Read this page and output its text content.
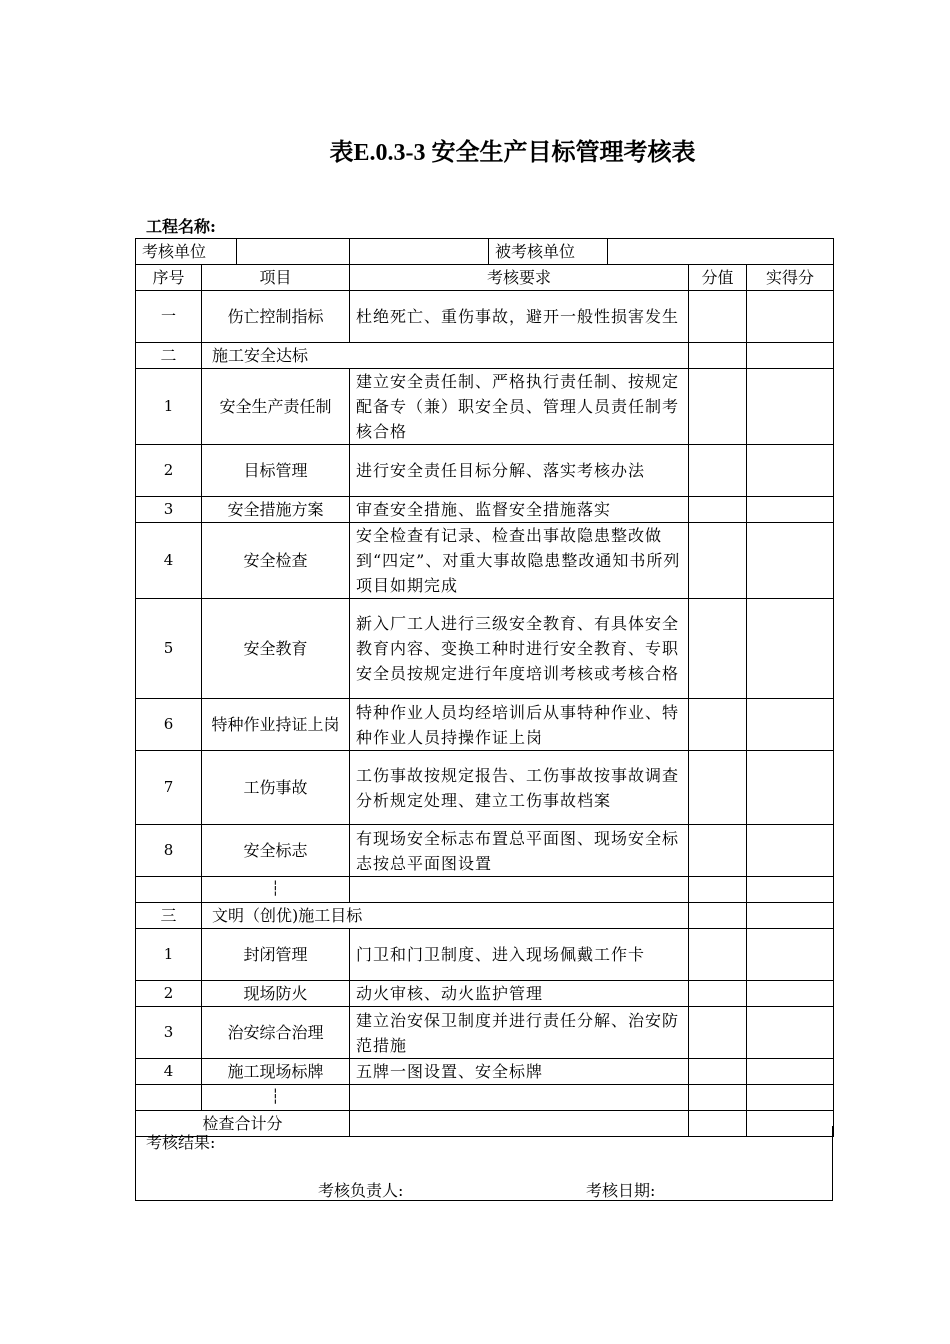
表E.0.3-3 安全生产目标管理考核表
工程名称:
考核单位		被考核单位		

序号	项目	考核要求	分值	实得分
一	伤亡控制指标	杜绝死亡、重伤事故，避开一般性损害发生		
二	施工安全达标			
1	安全生产责任制	建立安全责任制、严格执行责任制、按规定配备专（兼）职安全员、管理人员责任制考核合格		
2	目标管理	进行安全责任目标分解、落实考核办法		
3	安全措施方案	审查安全措施、监督安全措施落实		
4	安全检查	安全检查有记录、检查出事故隐患整改做到“四定”、对重大事故隐患整改通知书所列项目如期完成		
5	安全教育	新入厂工人进行三级安全教育、有具体安全教育内容、变换工种时进行安全教育、专职安全员按规定进行年度培训考核或考核合格		
6	特种作业持证上岗	特种作业人员均经培训后从事特种作业、特种作业人员持操作证上岗		
7	工伤事故	工伤事故按规定报告、工伤事故按事故调查分析规定处理、建立工伤事故档案		
8	安全标志	有现场安全标志布置总平面图、现场安全标志按总平面图设置		
	┆			
三	文明（创优)施工目标			
1	封闭管理	门卫和门卫制度、进入现场佩戴工作卡		
2	现场防火	动火审核、动火监护管理		
3	治安综合治理	建立治安保卫制度并进行责任分解、治安防范措施		
4	施工现场标牌	五牌一图设置、安全标牌		
	┆			
检查合计分				
考核结果:
考核负责人:	考核日期:
